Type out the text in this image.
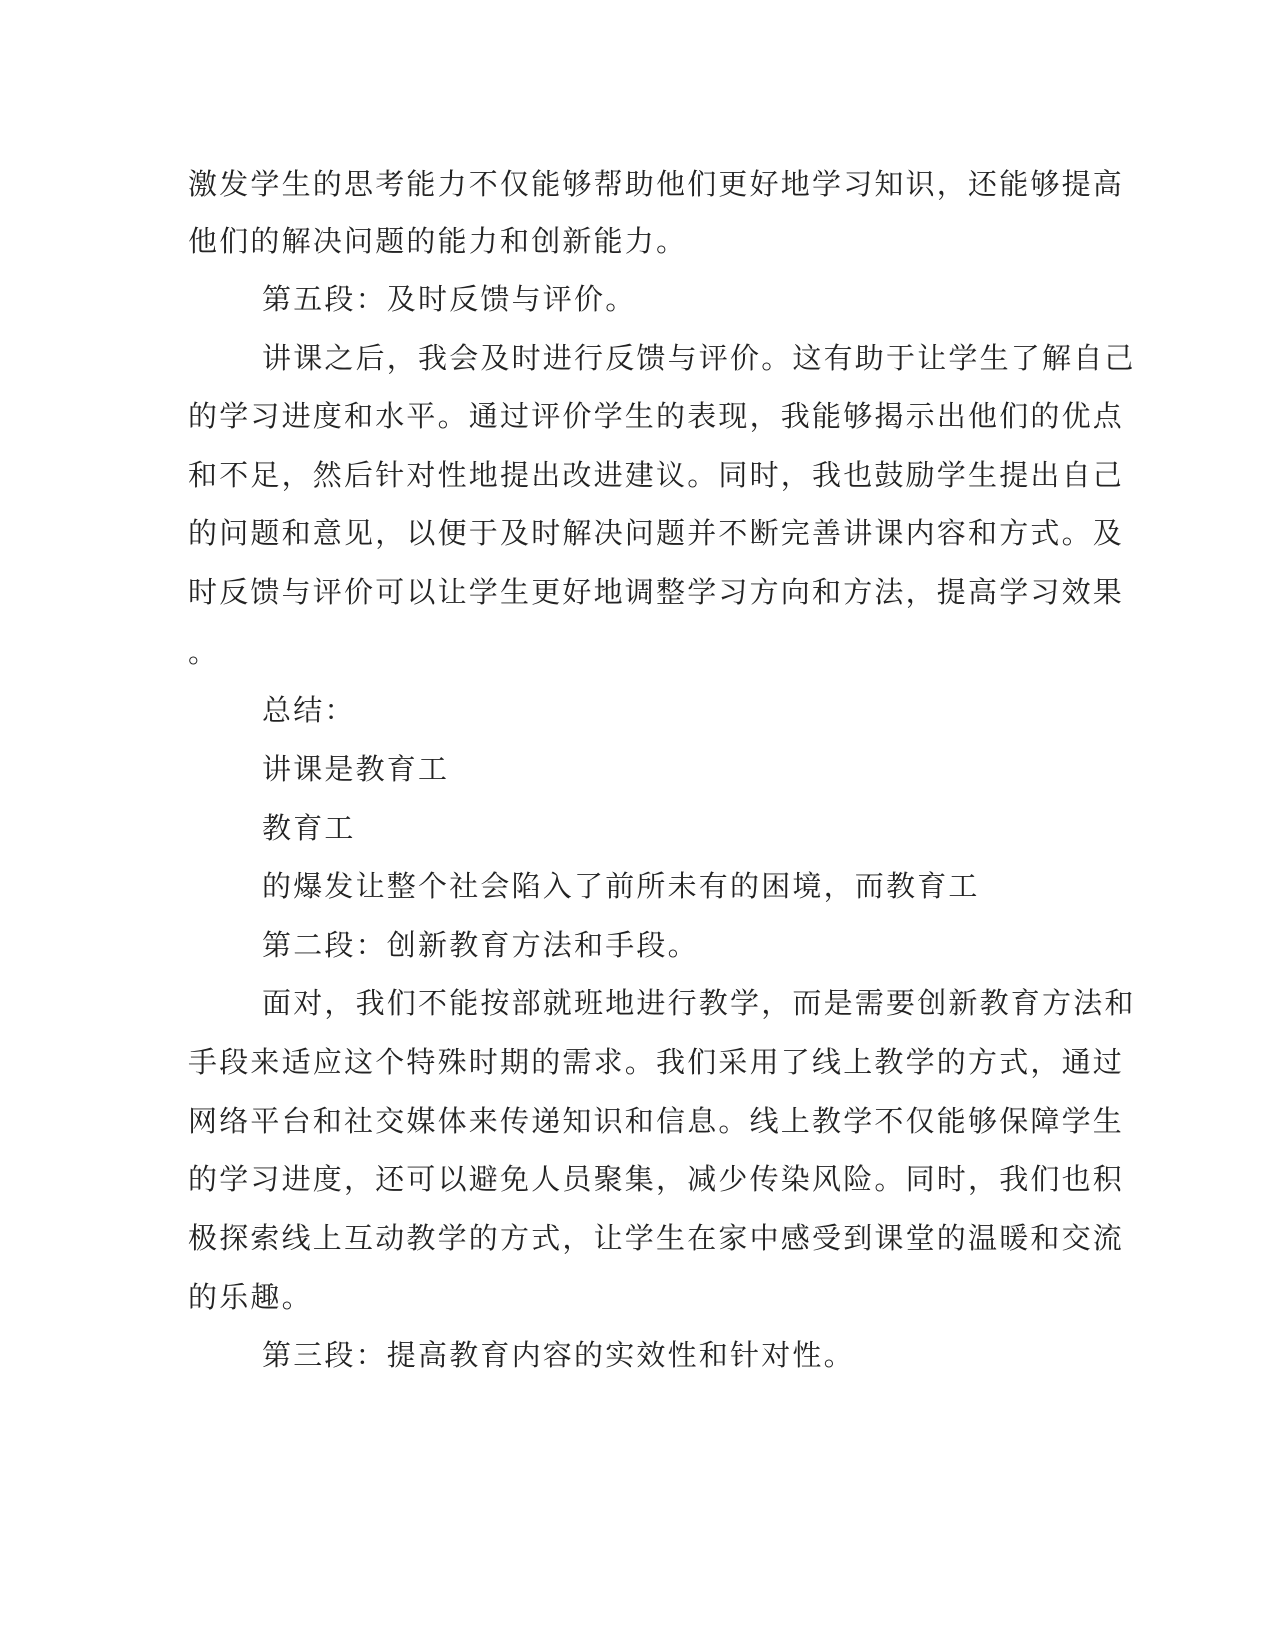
激发学生的思考能力不仅能够帮助他们更好地学习知识，还能够提高
他们的解决问题的能力和创新能力。
第五段：及时反馈与评价。
讲课之后，我会及时进行反馈与评价。这有助于让学生了解自己
的学习进度和水平。通过评价学生的表现，我能够揭示出他们的优点
和不足，然后针对性地提出改进建议。同时，我也鼓励学生提出自己
的问题和意见，以便于及时解决问题并不断完善讲课内容和方式。及
时反馈与评价可以让学生更好地调整学习方向和方法，提高学习效果
。
总结：
讲课是教育工
教育工
的爆发让整个社会陷入了前所未有的困境，而教育工
第二段：创新教育方法和手段。
面对，我们不能按部就班地进行教学，而是需要创新教育方法和
手段来适应这个特殊时期的需求。我们采用了线上教学的方式，通过
网络平台和社交媒体来传递知识和信息。线上教学不仅能够保障学生
的学习进度，还可以避免人员聚集，减少传染风险。同时，我们也积
极探索线上互动教学的方式，让学生在家中感受到课堂的温暖和交流
的乐趣。
第三段：提高教育内容的实效性和针对性。
